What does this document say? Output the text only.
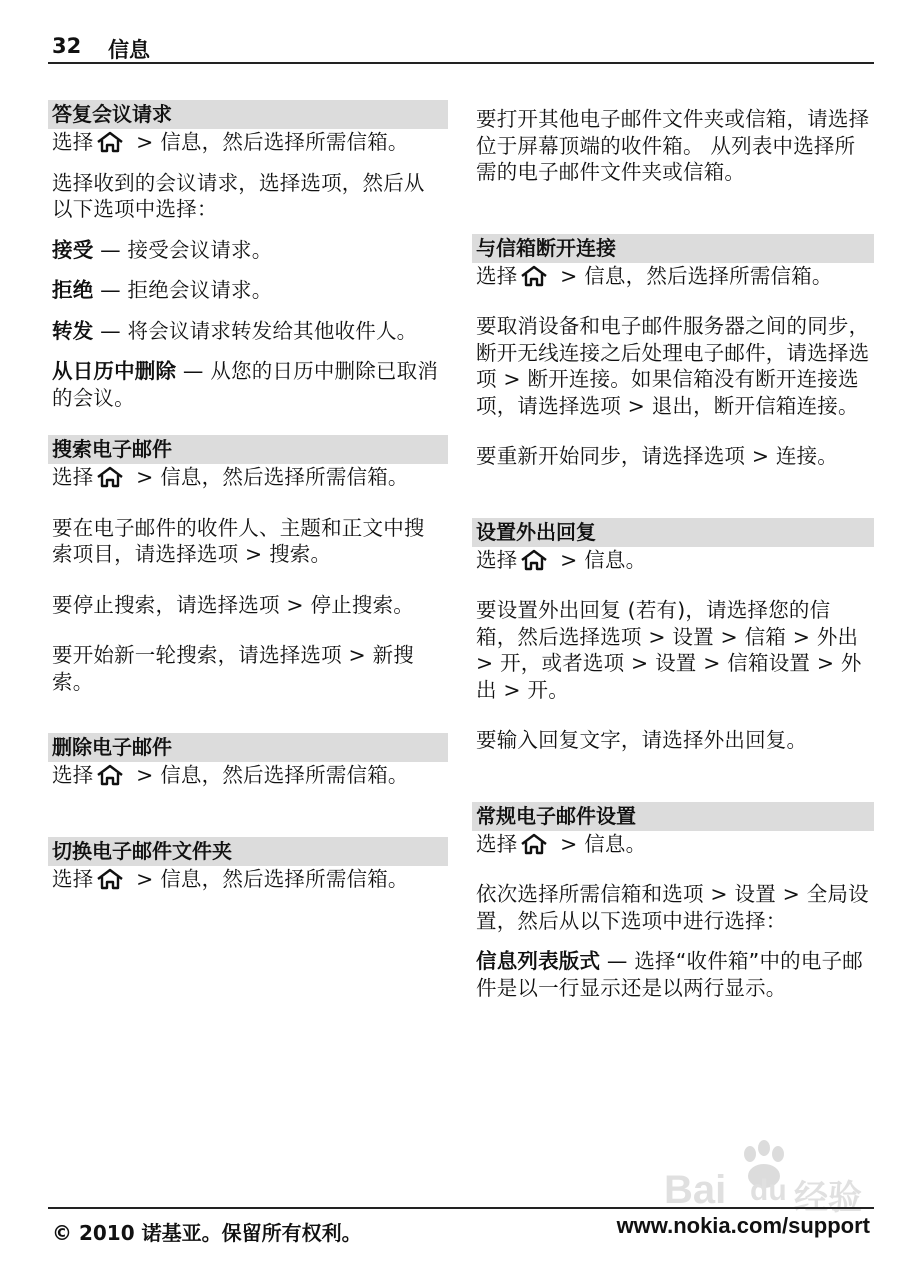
32 信息
答复会议请求

选择 > 信息，然后选择所需信箱。

选择收到的会议请求，选择选项，然后从以下选项中选择：

接受 — 接受会议请求。

拒绝 — 拒绝会议请求。

转发 — 将会议请求转发给其他收件人。

从日历中删除 — 从您的日历中删除已取消的会议。

搜索电子邮件

选择 > 信息，然后选择所需信箱。

要在电子邮件的收件人、主题和正文中搜索项目，请选择选项 > 搜索。

要停止搜索，请选择选项 > 停止搜索。

要开始新一轮搜索，请选择选项 > 新搜索。

删除电子邮件

选择 > 信息，然后选择所需信箱。

切换电子邮件文件夹

选择 > 信息，然后选择所需信箱。

要打开其他电子邮件文件夹或信箱，请选择位于屏幕顶端的收件箱。 从列表中选择所需的电子邮件文件夹或信箱。

与信箱断开连接

选择 > 信息，然后选择所需信箱。

要取消设备和电子邮件服务器之间的同步，断开无线连接之后处理电子邮件，请选择选项 > 断开连接。如果信箱没有断开连接选项，请选择选项 > 退出，断开信箱连接。

要重新开始同步，请选择选项 > 连接。

设置外出回复

选择 > 信息。

要设置外出回复 (若有)，请选择您的信箱，然后选择选项 > 设置 > 信箱 > 外出 > 开，或者选项 > 设置 > 信箱设置 > 外出 > 开。

要输入回复文字，请选择外出回复。

常规电子邮件设置

选择 > 信息。

依次选择所需信箱和选项 > 设置 > 全局设置，然后从以下选项中进行选择：

信息列表版式 — 选择“收件箱”中的电子邮件是以一行显示还是以两行显示。

Bai du 经验
© 2010 诺基亚。保留所有权利。	www.nokia.com/support
